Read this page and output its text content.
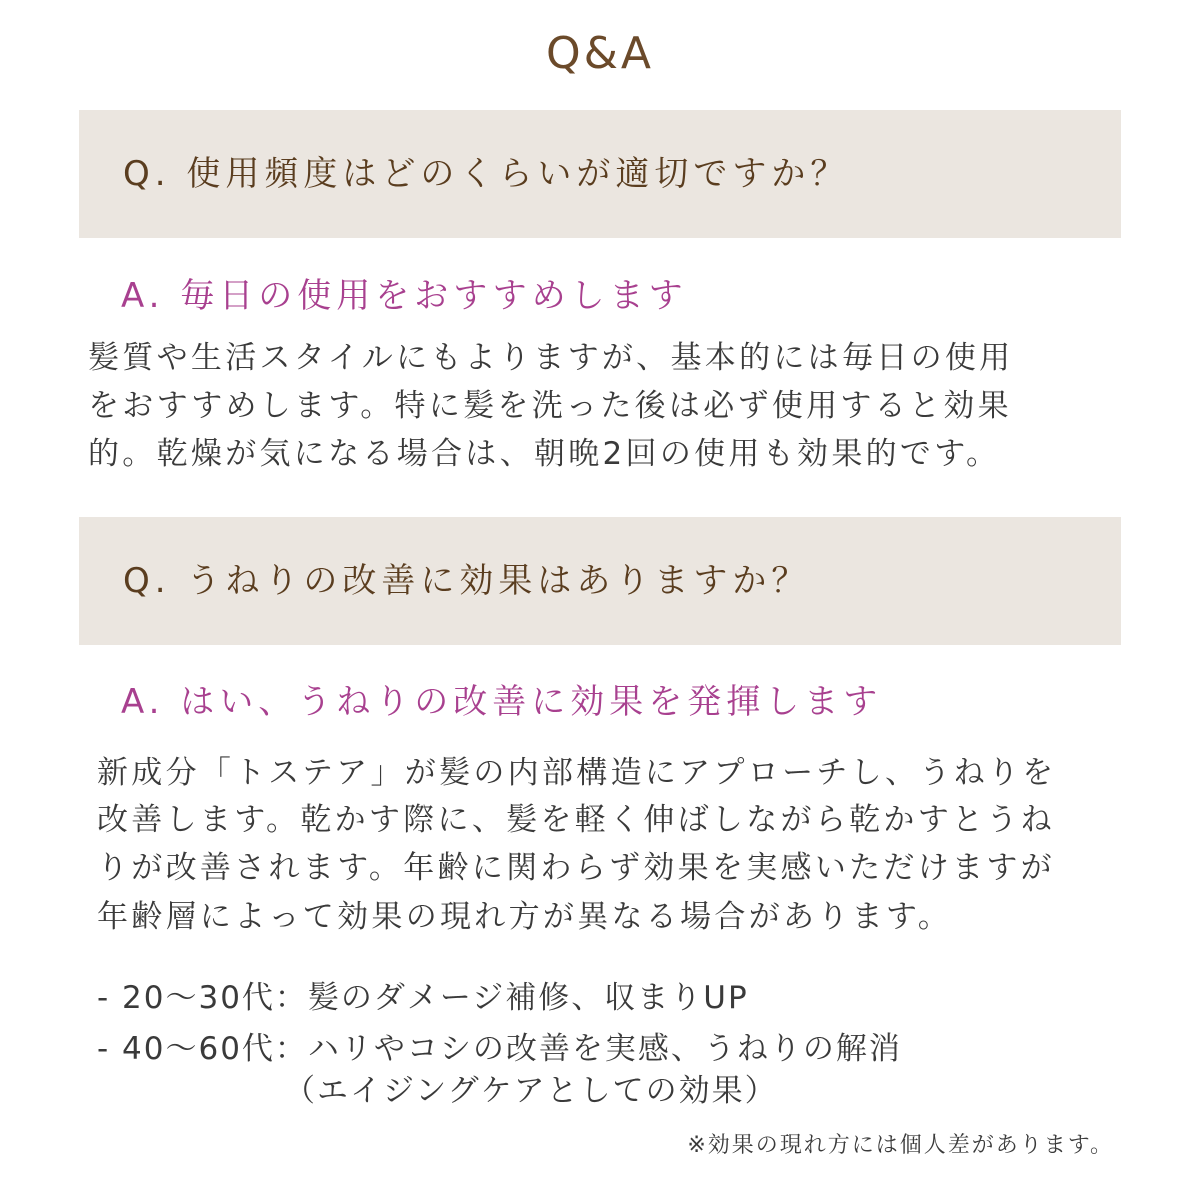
Q&A
Q. 使用頻度はどのくらいが適切ですか？
A. 毎日の使用をおすすめします
髪質や生活スタイルにもよりますが、基本的には毎日の使用
をおすすめします。特に髪を洗った後は必ず使用すると効果
的。乾燥が気になる場合は、朝晩2回の使用も効果的です。
Q. うねりの改善に効果はありますか？
A. はい、うねりの改善に効果を発揮します
新成分「トステア」が髪の内部構造にアプローチし、うねりを
改善します。乾かす際に、髪を軽く伸ばしながら乾かすとうね
りが改善されます。年齢に関わらず効果を実感いただけますが
年齢層によって効果の現れ方が異なる場合があります。
- 20〜30代：髪のダメージ補修、収まりUP
- 40〜60代：ハリやコシの改善を実感、うねりの解消
（エイジングケアとしての効果）
※効果の現れ方には個人差があります。
